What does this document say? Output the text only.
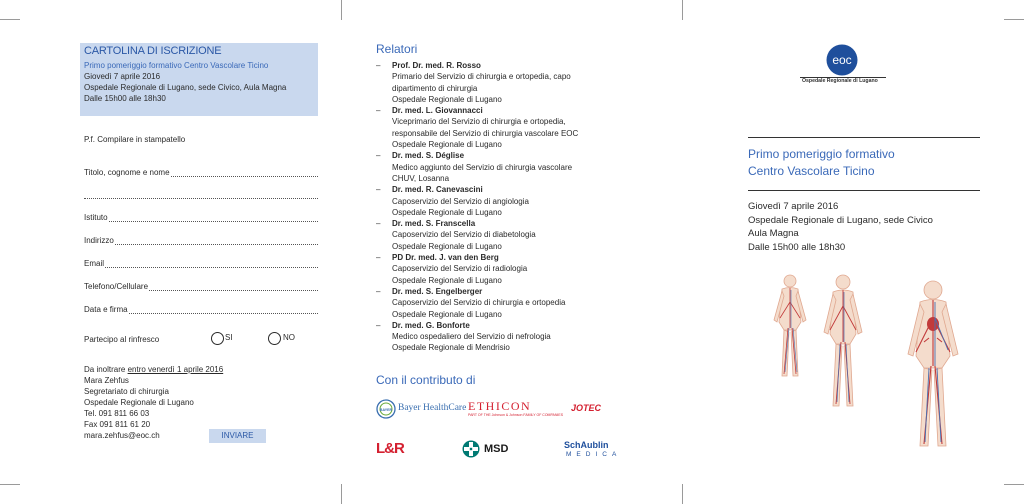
CARTOLINA DI ISCRIZIONE
Primo pomeriggio formativo Centro Vascolare Ticino
Giovedì 7 aprile 2016
Ospedale Regionale di Lugano, sede Civico, Aula Magna
Dalle 15h00 alle 18h30
P.f. Compilare in stampatello
Titolo, cognome e nome
Istituto
Indirizzo
Email
Telefono/Cellulare
Data e firma
Partecipo al rinfresco	SI	NO
Da inoltrare entro venerdì 1 aprile 2016
Mara Zehfus
Segretariato di chirurgia
Ospedale Regionale di Lugano
Tel. 091 811 66 03
Fax 091 811 61 20
mara.zehfus@eoc.ch	INVIARE
Relatori
– Prof. Dr. med. R. Rosso
Primario del Servizio di chirurgia e ortopedia, capo
dipartimento di chirurgia
Ospedale Regionale di Lugano
– Dr. med. L. Giovannacci
Viceprimario del Servizio di chirurgia e ortopedia,
responsabile del Servizio di chirurgia vascolare EOC
Ospedale Regionale di Lugano
– Dr. med. S. Déglise
Medico aggiunto del Servizio di chirurgia vascolare
CHUV, Losanna
– Dr. med. R. Canevascini
Caposervizio del Servizio di angiologia
Ospedale Regionale di Lugano
– Dr. med. S. Franscella
Caposervizio del Servizio di diabetologia
Ospedale Regionale di Lugano
– PD Dr. med. J. van den Berg
Caposervizio del Servizio di radiologia
Ospedale Regionale di Lugano
– Dr. med. S. Engelberger
Caposervizio del Servizio di chirurgia e ortopedia
Ospedale Regionale di Lugano
– Dr. med. G. Bonforte
Medico ospedaliero del Servizio di nefrologia
Ospedale Regionale di Mendrisio
Con il contributo di
BAYER Bayer HealthCare ETHICON
PART OF THE Johnson & Johnson FAMILY OF COMPANIES
JOTEC
L&R	MSD	SchAublin
MEDICA
eoc
Ospedale Regionale di Lugano
Primo pomeriggio formativo
Centro Vascolare Ticino
Giovedì 7 aprile 2016
Ospedale Regionale di Lugano, sede Civico
Aula Magna
Dalle 15h00 alle 18h30
